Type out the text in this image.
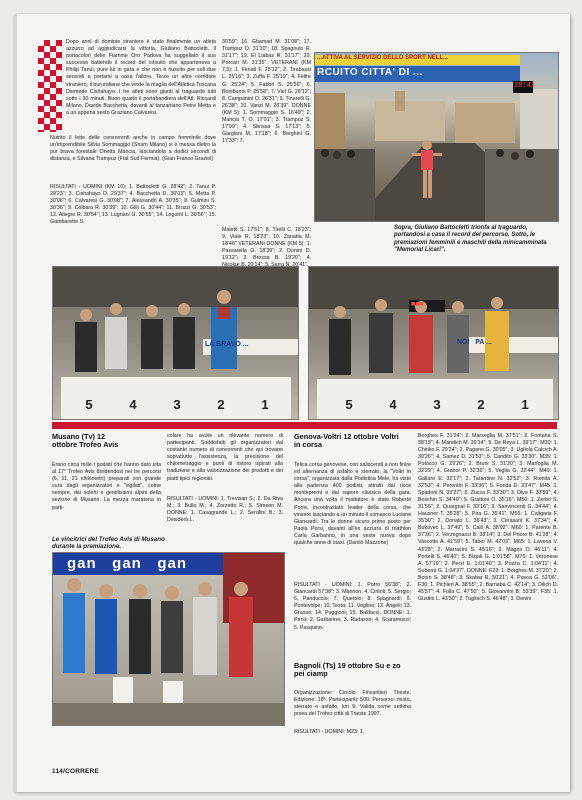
Dopo anni di dominio straniero è stato finalmente un atleta azzurro ad aggiudicarsi la vittoria, Giuliano Battocletti. Il portacolori delle Fiamme Oro Padova ha suggellato il suo successo battendo il record del circuito che apparteneva a Philip Tanui, pure lui in gara e che non è riuscito per soli due secondi a portarsi a casa l'alloro. Terzo un altro corridore straniero, il burundiano che veste la maglia dell'Atletica Toscana Diomede Cishahayo. I tre atleti sono giunti al traguardo tutti sotto i 30 minuti. Buon quarto il portabandiera dell'Atl. Riccardi Milano, Davide Bacchetta, davanti al tanzaniano Petro Metta e a un appena sesto Graziano Calvaresi.
Nutrito il lotto delle concorrenti anche in campo femminile dove un'imprendibile Silvia Sommaggio (Snam Milano) si è messa dietro la pur brava forestale Orietta Mancia, lasciandola a dodici secondi di distanza, e Silvana Trampuz (Fiat Sud Formia). (Gian Franco Graziol)
RISULTATI - UOMINI (KM 10): 1. Battocletti G. 28'42"; 2. Tanui P. 29'23"; 3. Cishahayo D. 29'37"; 4. Bacchetta D. 30'03"; 5. Metta P. 30'06"; 6. Calvaresi G. 30'08"; 7. Alessandri A. 30'35"; 8. Gulmini S. 30'36"; 9. Colbara R. 30'39"; 10. Gilli G. 30'44"; 11. Bruzzi G. 30'53"; 12. Allegro R. 30'54"; 13. Lugnani G. 30'55"; 14. Leguml L. 30'56"; 15. Gambarotto S.
30'59"; 16. Ghamad M. 31'08"; 17. Trampuz D. 31'10"; 18. Spagnulo R. 31'17"; 19. El Liabas R. 31'17"; 20. Porcari M. 31'35". VETERANI (KM 7,5): 1. Fenati F. 25'12"; 2. Tirabassi L. 25'16"; 3. Zuffa F. 25'19"; 4. Feltre G. 25'24"; 5. Fabbri S. 25'56"; 6. Bonibunni P. 25'58"; 7. Viel G. 26'12"; 8. Campanini O. 26'31"; 9. Tinarelli G. 26'38"; 10. Vanzi M. 26'39". DONNE (KM 5): 1. Sommaggio S. 16'49"; 2. Mancia T. O. 17'01"; 3. Trampuz S. 17'09"; 4. Sbrissa S. 17'13"; 5. Gargioni M. 17'18"; 6. Borghini G. 17'33"; 7.
Maletti S. 17'51"; 8. Tirelli C. 18'23"; 9. Viale R. 18'23"; 10. Zanatta M. 18'46" VETERANI DONNE (KM 5): 1. Passarella G. 18'39"; 2. Donini D. 19'12"; 3. Brossa B. 19'20"; 4. 20'41".
...ATTIVA AL SERVIZIO DELLO SPORT NELL...
RCUITO CITTA' DI ...
28:43
Sopra, Giuliano Battocletti trionfa al traguardo, portandosi a casa il record del percorso. Sotto, le premiazioni femminili e maschili della minicamminata "Memorial Licari".
LA BRAVO ...
5	4	3	2	1
■■■
NOI   PA ...
5	4	3	2	1
Musano (Tv) 12 ottobre Trofeo Avis
Erano circa mille i podisti che hanno dato vita al 17° Trofeo Avis dividendosi nei tre percorsi (6, 11, 21 chilometri) preparati con grande cura dagli organizzatori e "vigilati", come sempre, dai solerti e gentilissimi alpini della sezione di Musano. La mezza maratona in parti-
colare ha avuto un rilevante numero di partecipanti. Soddisfatti gli organizzatori dal costante numero di concorrenti che qui trovano soprattutto l'assistenza, la precisione del chilometraggio e punti di ristoro ispirati alla tradizione e alla valorizzazione dei prodotti e dei piatti tipici regionali.
RISULTATI - UOMINI: 1. Trevisan S.; 2. Da Riva M.; 3. Bullo M.; 4. Zorzetto R.; 5. Simeon M. DONNE: 1. Casagrande L.; 2. Serafini B.; 3. Desiderà L.
Le vincitrici del Trofeo Avis di Musano durante la premiazione.
gan   gan   gan
Genova-Voltri 12 ottobre Voltri in corsa
Telica corsa genovese, con saliscendi a non finire ed alternanza di asfalto e sterrato, la "Voltri in corsa", organizzata dalla Podistica Mele, ha visto alla partenza 400 podisti, attratti dal ricco montepremi e dal sapore classico della gara. Ancora una volta il mattatore è stato Roberto Porro, incontrastato leader della corsa, che vincere lasciando a un minuto il comasco Luciano Giancardi. Tra le donne sicuro primo posto per Paola Persi, davanti all'ex azzurra di triathlon Carla Garbanno, in una veste nuova dopo qualche anno di stasi. (Danilo Mazzone)
RISULTATI - UOMINI: 1. Porro 56'38"; 2. Giancardi 57'38"; 3. Mannon; 4. Cintoli; 5. Sergio; 6. Panduccio; 7. Querolo; 8. Spagnardi; 9. Pontevolpe; 10. Testa; 11. Voglino; 12. Angeli; 13. Grasso; 14. Puggioni; 15. Baldacci. DONNE: 1. Persi; 2. Garbarino; 3. Rudasso; 4. Scaramucci; 5. Pasquino.
Bagnoli (Ts) 19 ottobre Su e zo pei ciamp
Organizzazione: Circolo Fincantieri Trieste. Edizione: 18ª. Partecipanti: 500. Percorso: misto, sterrato e asfalto, km 9. Valida come settima prova del Trofeo città di Trieste 1997.
RISULTATI - UOMINI: M23: 1.
Borghes F. 31'24"; 2. Marseglia M. 37'51"; 3. Fontana S. 38'19"; 4. Mandich M. 39'14"; 5. De Reya L. 39'17". M30: 1. Chiriko F. 29'24"; 2. Pagano G. 30'05"; 3. Ugliola Calcich A. 30'26"; 4. Samez D. 31'53"; 5. Candito G. 33'30". M35: 1. Potocco G. 29'26"; 2. Bruni S. 31'20"; 3. Marfoglia M. 32'29"; 4. Grahor P. 32'36"; 5. Vegliа G. 32'44". M40: 1. Gallaro E. 32'17"; 2. Tarantino N. 32'52"; 3. Romita A. 32'53"; 4. Perentin F. 33'36"; 5. Fonda D. 33'47". M45: 1. Spadoni N. 33'27"; 2. Zucca F. 33'30"; 3. Divo F. 33'59"; 4. Boschin S. 34'40"; 5. Grattoni O. 35'16". M50: 1. Zerbo S. 31'56"; 2. Quargnal F. 33'16"; 3. Sanvincenti G. 34'44"; 4. Hausner T. 35'28"; 5. Pira G. 35'41". M55: 1. Caligaris F. 35'30"; 2. Donato L. 36'43"; 3. Cerasani K. 37'34"; 4. Bukovec L. 37'49"; 5. Calò A. 38'02". M60: 1. Parente B. 37'36"; 2. Verzegnassi B. 38'14"; 3. Del Priore B. 41'28"; 4. Vascotto A. 41'59"; 5. Tabor M. 42'03". M65: 1. Lavena V. 43'28"; 2. Marracini S. 45'16"; 3. Magris O. 46'11"; 4. Portelli S. 46'40"; 5. Bizjak G. 1:01'58". M70: 1. Veronese A. 57'19"; 2. Persi E. 1:01'40"; 3. Pozza C. 1:04'11"; 4. Suberni G. 1:04'37". DONNE: F23: 1. Borghes M. 37'20"; 2. Bonin S. 38'48"; 3. Skabar R. 50'21"; 4. Pavca G. 52'06". F30: 1. Pichieri A. 38'55"; 2. Barnaba C. 42'14"; 3. Dilich D. 45'57"; 4. Folla C. 47'50"; 5. Giovannini B. 53'39". F35: 1. Gustini L. 43'30"; 2. Tuglisch S. 46'48"; 3. Donini
114/CORRERE
